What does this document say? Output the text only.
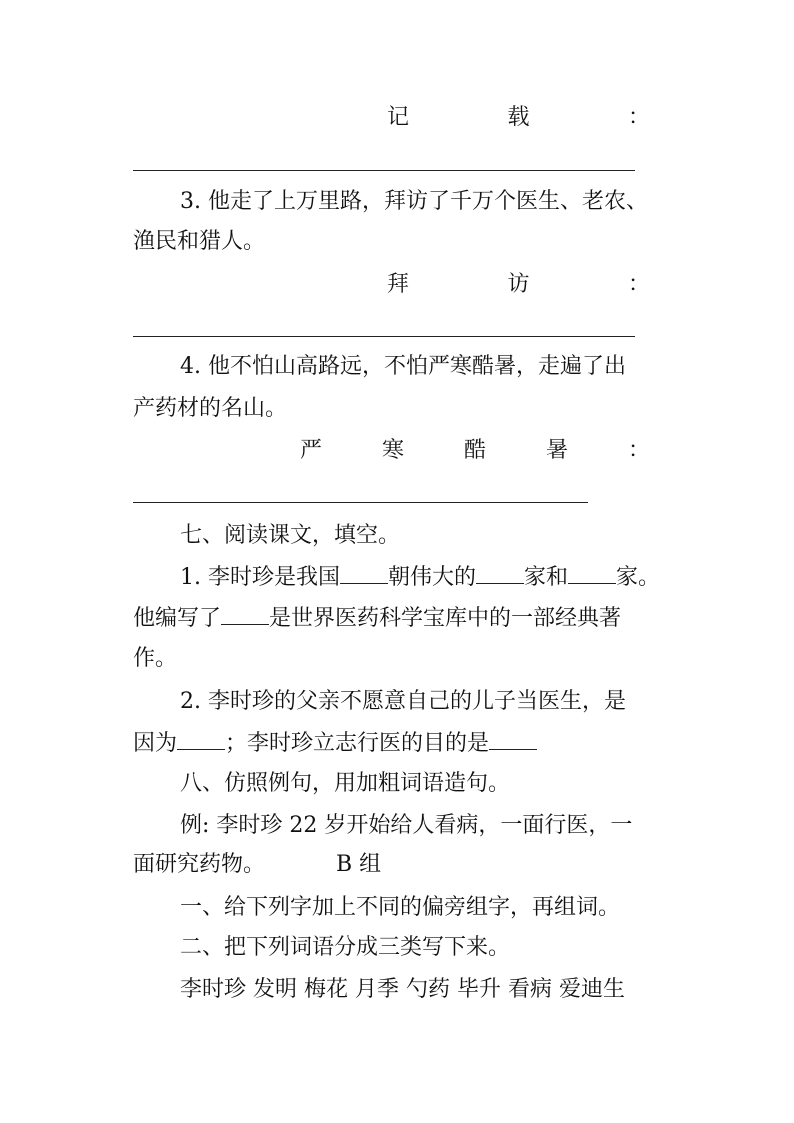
记	载	：
3. 他走了上万里路，拜访了千万个医生、老农、
渔民和猎人。
拜	访	：
4. 他不怕山高路远，不怕严寒酷暑，走遍了出
产药材的名山。
严	寒	酷	暑	：
七、阅读课文，填空。
1. 李时珍是我国 朝伟大的 家和 家。
他编写了 是世界医药科学宝库中的一部经典著
作。
2. 李时珍的父亲不愿意自己的儿子当医生，是
因为 ；李时珍立志行医的目的是
八、仿照例句，用加粗词语造句。
例: 李时珍 22 岁开始给人看病，一面行医，一
面研究药物。	B 组
一、给下列字加上不同的偏旁组字，再组词。
二、把下列词语分成三类写下来。
李时珍 发明 梅花 月季 勺药 毕升 看病 爱迪生
